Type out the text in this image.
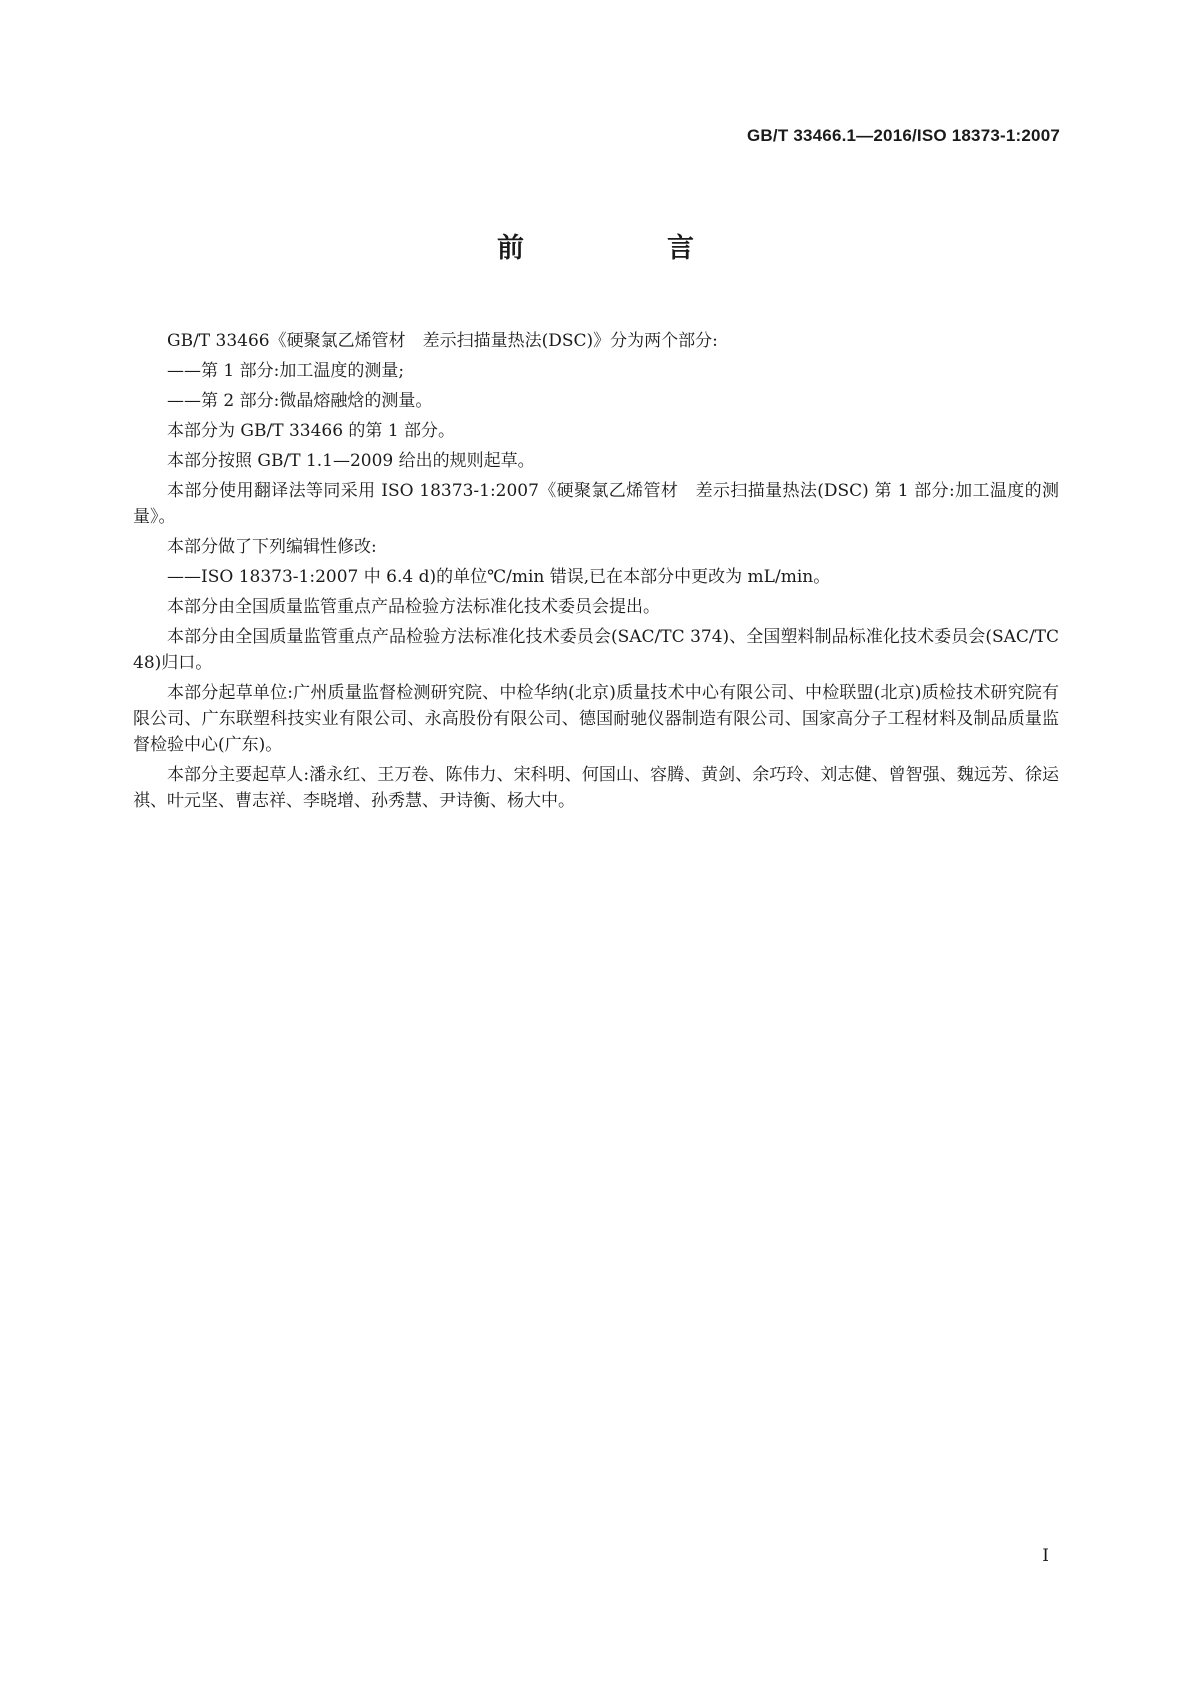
GB/T 33466.1—2016/ISO 18373-1:2007
前　言

GB/T 33466《硬聚氯乙烯管材　差示扫描量热法(DSC)》分为两个部分:

——第 1 部分:加工温度的测量;

——第 2 部分:微晶熔融焓的测量。

本部分为 GB/T 33466 的第 1 部分。

本部分按照 GB/T 1.1—2009 给出的规则起草。

本部分使用翻译法等同采用 ISO 18373-1:2007《硬聚氯乙烯管材　差示扫描量热法(DSC) 第 1 部分:加工温度的测量》。

本部分做了下列编辑性修改:

——ISO 18373-1:2007 中 6.4 d)的单位℃/min 错误,已在本部分中更改为 mL/min。

本部分由全国质量监管重点产品检验方法标准化技术委员会提出。

本部分由全国质量监管重点产品检验方法标准化技术委员会(SAC/TC 374)、全国塑料制品标准化技术委员会(SAC/TC 48)归口。

本部分起草单位:广州质量监督检测研究院、中检华纳(北京)质量技术中心有限公司、中检联盟(北京)质检技术研究院有限公司、广东联塑科技实业有限公司、永高股份有限公司、德国耐驰仪器制造有限公司、国家高分子工程材料及制品质量监督检验中心(广东)。

本部分主要起草人:潘永红、王万卷、陈伟力、宋科明、何国山、容腾、黄剑、余巧玲、刘志健、曾智强、魏远芳、徐运祺、叶元坚、曹志祥、李晓增、孙秀慧、尹诗衡、杨大中。

I
